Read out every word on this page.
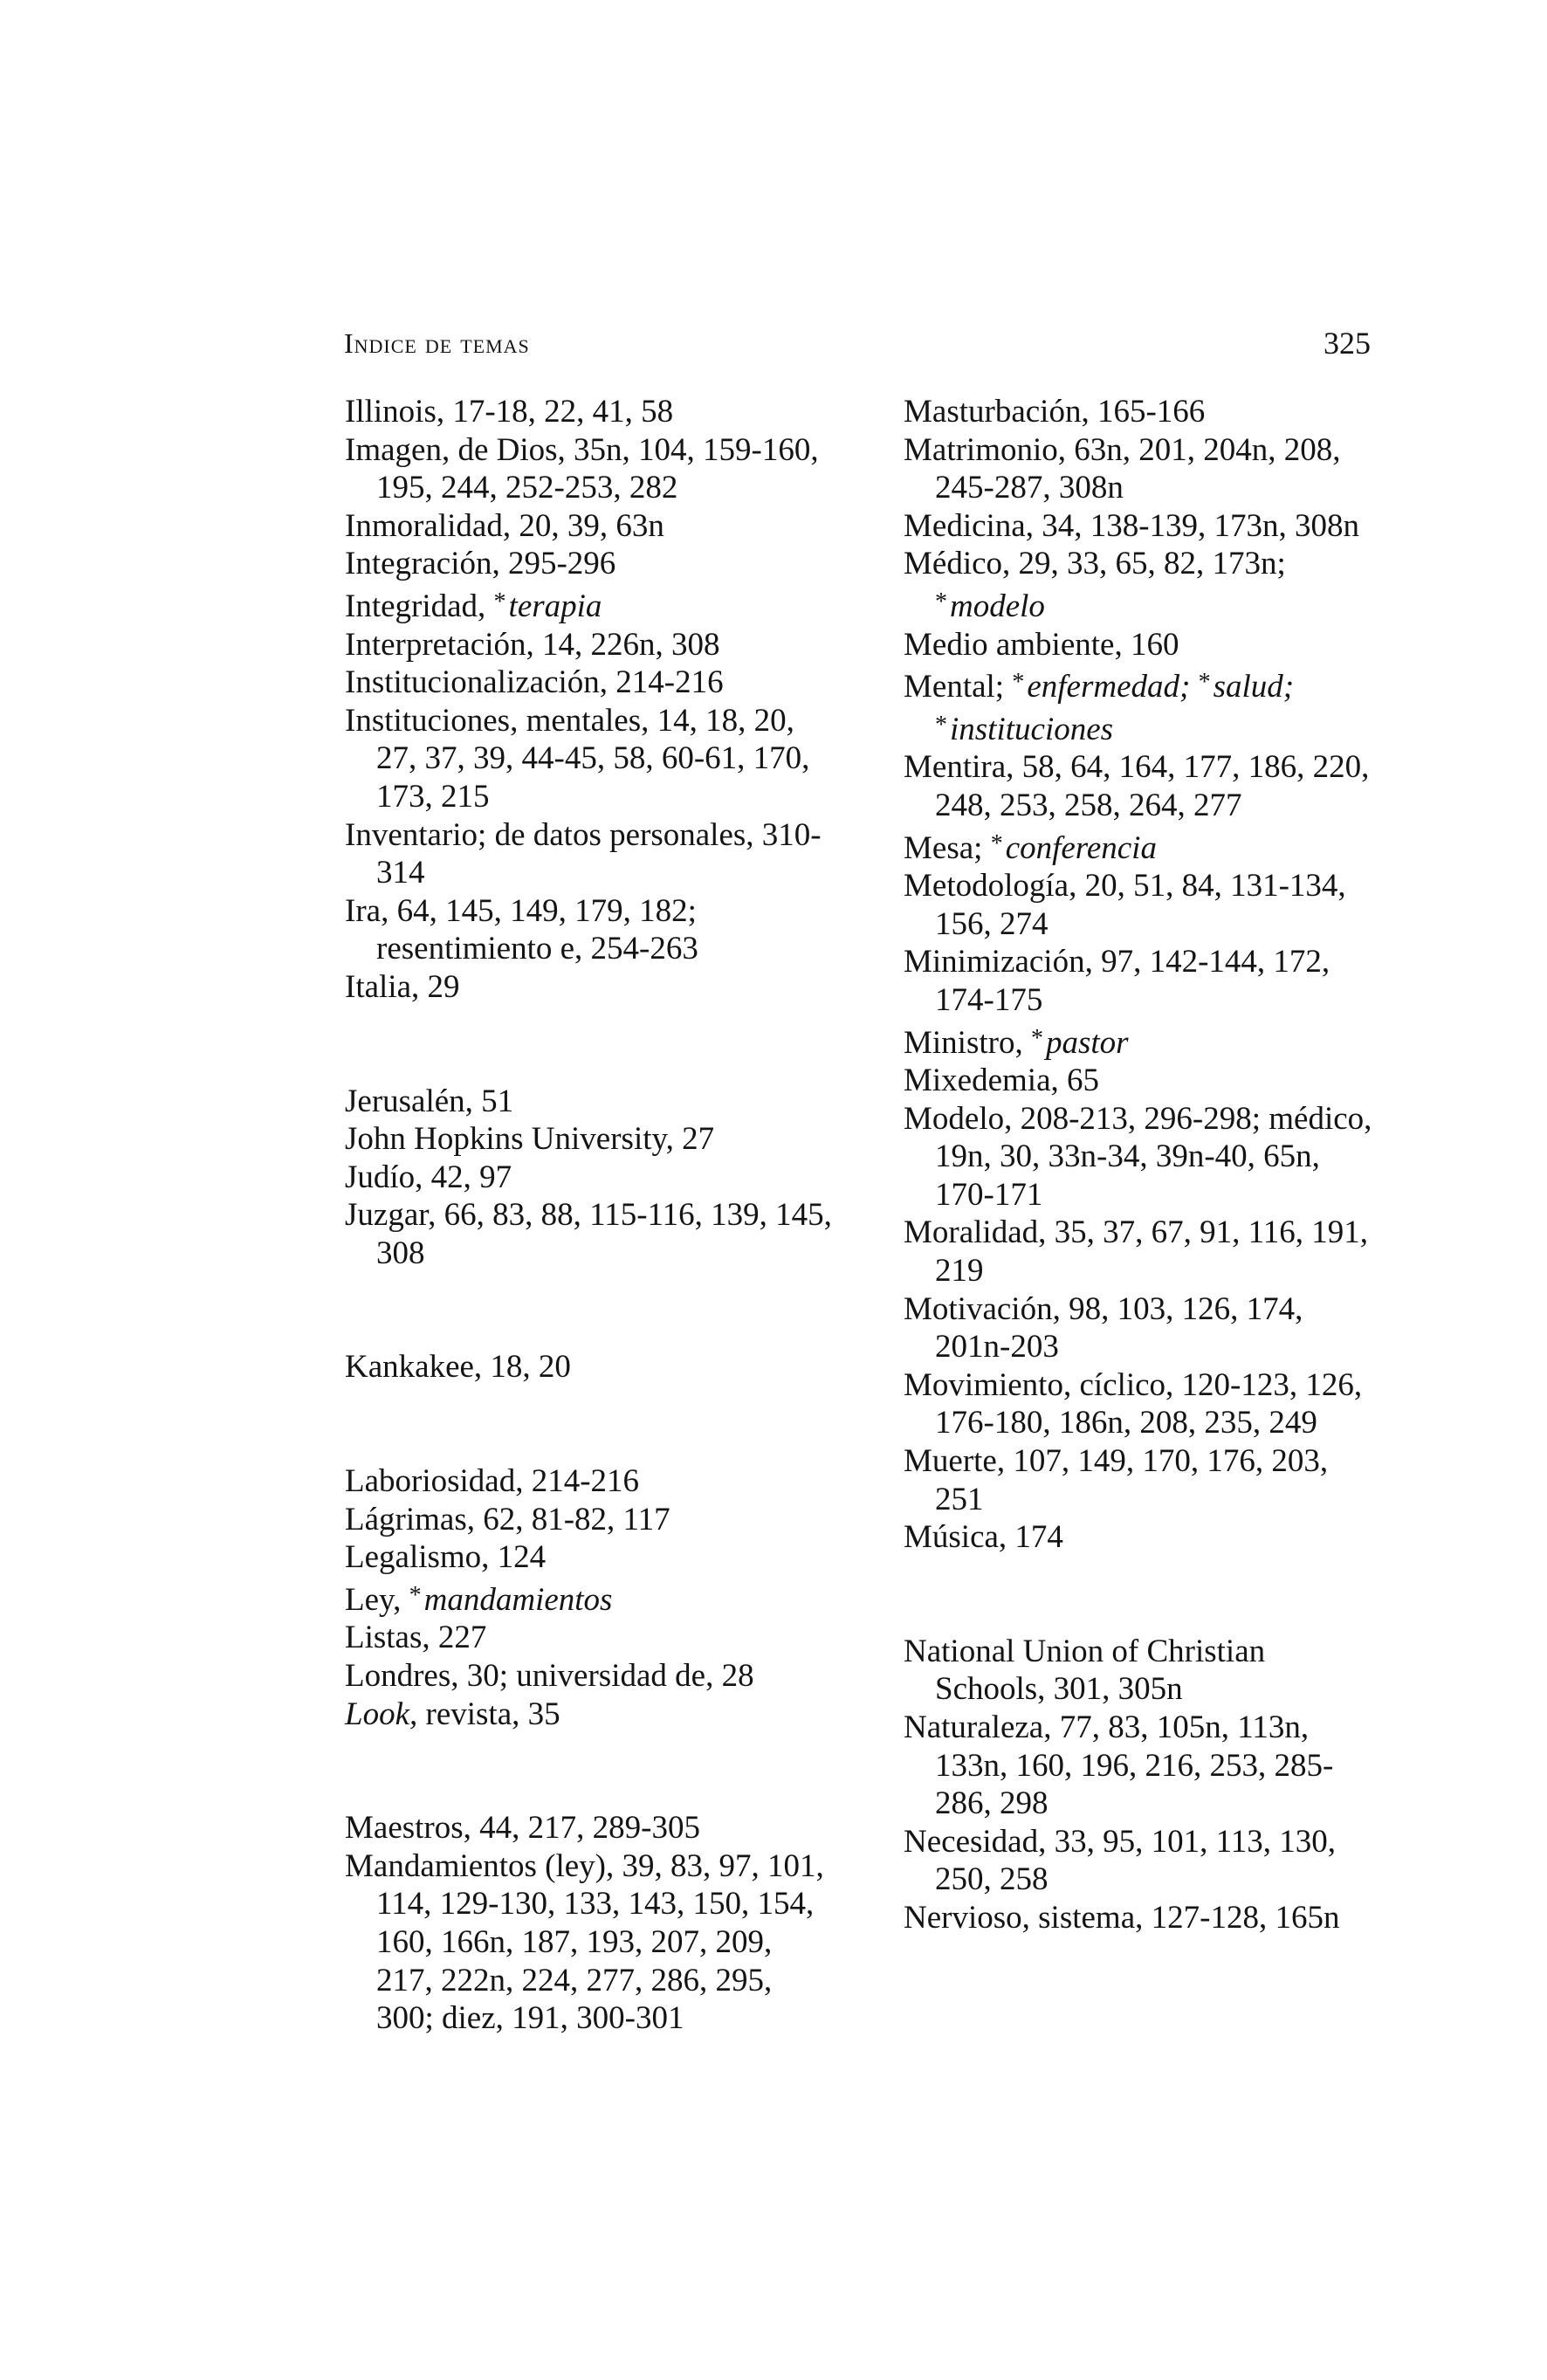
Indice de temas	325

Illinois, 17-18, 22, 41, 58

Imagen, de Dios, 35n, 104, 159-160, 195, 244, 252-253, 282

Inmoralidad, 20, 39, 63n

Integración, 295-296

Integridad, *terapia

Interpretación, 14, 226n, 308

Institucionalización, 214-216

Instituciones, mentales, 14, 18, 20, 27, 37, 39, 44-45, 58, 60-61, 170, 173, 215

Inventario; de datos personales, 310-314

Ira, 64, 145, 149, 179, 182; resentimiento e, 254-263

Italia, 29

Jerusalén, 51

John Hopkins University, 27

Judío, 42, 97

Juzgar, 66, 83, 88, 115-116, 139, 145, 308

Kankakee, 18, 20

Laboriosidad, 214-216

Lágrimas, 62, 81-82, 117

Legalismo, 124

Ley, *mandamientos

Listas, 227

Londres, 30; universidad de, 28

Look, revista, 35

Maestros, 44, 217, 289-305

Mandamientos (ley), 39, 83, 97, 101, 114, 129-130, 133, 143, 150, 154, 160, 166n, 187, 193, 207, 209, 217, 222n, 224, 277, 286, 295, 300; diez, 191, 300-301

Masturbación, 165-166

Matrimonio, 63n, 201, 204n, 208, 245-287, 308n

Medicina, 34, 138-139, 173n, 308n

Médico, 29, 33, 65, 82, 173n; *modelo

Medio ambiente, 160

Mental; *enfermedad; *salud; *instituciones

Mentira, 58, 64, 164, 177, 186, 220, 248, 253, 258, 264, 277

Mesa; *conferencia

Metodología, 20, 51, 84, 131-134, 156, 274

Minimización, 97, 142-144, 172, 174-175

Ministro, *pastor

Mixedemia, 65

Modelo, 208-213, 296-298; médico, 19n, 30, 33n-34, 39n-40, 65n, 170-171

Moralidad, 35, 37, 67, 91, 116, 191, 219

Motivación, 98, 103, 126, 174, 201n-203

Movimiento, cíclico, 120-123, 126, 176-180, 186n, 208, 235, 249

Muerte, 107, 149, 170, 176, 203, 251

Música, 174

National Union of Christian Schools, 301, 305n

Naturaleza, 77, 83, 105n, 113n, 133n, 160, 196, 216, 253, 285-286, 298

Necesidad, 33, 95, 101, 113, 130, 250, 258

Nervioso, sistema, 127-128, 165n
